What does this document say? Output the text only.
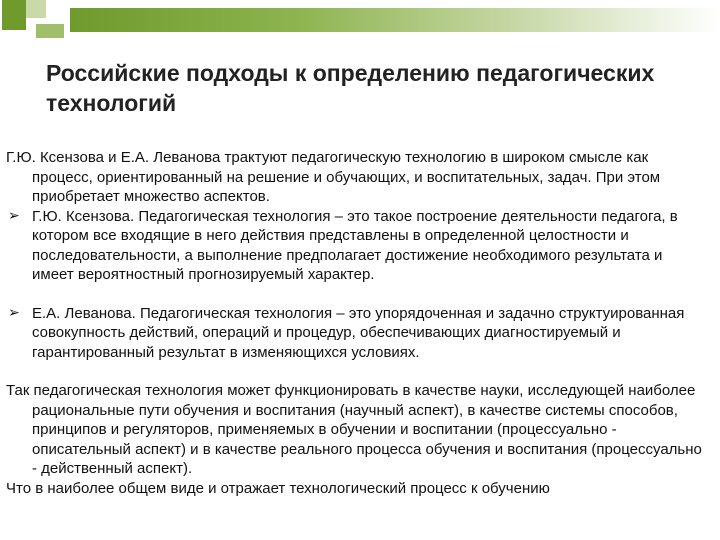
Российские подходы к определению педагогических технологий

Г.Ю. Ксензова и Е.А. Леванова трактуют педагогическую технологию в широком смысле как процесс, ориентированный на решение и обучающих, и воспитательных, задач. При этом приобретает множество аспектов.

➢ Г.Ю. Ксензова. Педагогическая технология – это такое построение деятельности педагога, в котором все входящие в него действия представлены в определенной целостности и последовательности, а выполнение предполагает достижение необходимого результата и имеет вероятностный прогнозируемый характер.
➢ Е.А. Леванова. Педагогическая технология – это упорядоченная и задачно структуированная совокупность действий, операций и процедур, обеспечивающих диагностируемый и гарантированный результат в изменяющихся условиях.

Так педагогическая технология может функционировать в качестве науки, исследующей наиболее рациональные пути обучения и воспитания (научный аспект), в качестве системы способов, принципов и регуляторов, применяемых в обучении и воспитании (процессуально - описательный аспект) и в качестве реального процесса обучения и воспитания (процессуально - действенный аспект).

Что в наиболее общем виде и отражает технологический процесс к обучению
